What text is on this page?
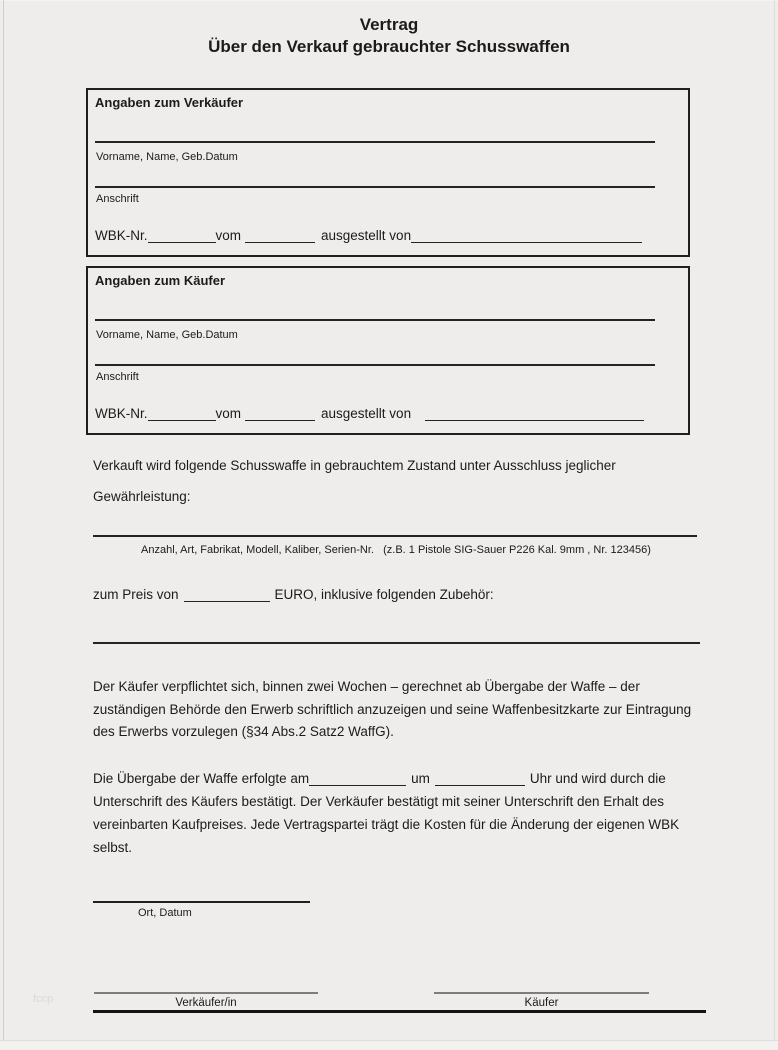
Vertrag
Über den Verkauf gebrauchter Schusswaffen
Angaben zum Verkäufer
Vorname, Name, Geb.Datum
Anschrift
WBK-Nr.	vom	ausgestellt von
Angaben zum Käufer
Vorname, Name, Geb.Datum
Anschrift
WBK-Nr.	vom	ausgestellt von
Verkauft wird folgende Schusswaffe in gebrauchtem Zustand unter Ausschluss jeglicher Gewährleistung:
Anzahl, Art, Fabrikat, Modell, Kaliber, Serien-Nr.   (z.B. 1 Pistole SIG-Sauer P226 Kal. 9mm , Nr. 123456)
zum Preis von	EURO, inklusive folgenden Zubehör:
Der Käufer verpflichtet sich, binnen zwei Wochen – gerechnet ab Übergabe der Waffe – der zuständigen Behörde den Erwerb schriftlich anzuzeigen und seine Waffenbesitzkarte zur Eintragung des Erwerbs vorzulegen (§34 Abs.2 Satz2 WaffG).
Die Übergabe der Waffe erfolgte am	um	Uhr und wird durch die Unterschrift des Käufers bestätigt. Der Verkäufer bestätigt mit seiner Unterschrift den Erhalt des vereinbarten Kaufpreises. Jede Vertragspartei trägt die Kosten für die Änderung der eigenen WBK selbst.
Ort, Datum
fccp	Verkäufer/in	Käufer
